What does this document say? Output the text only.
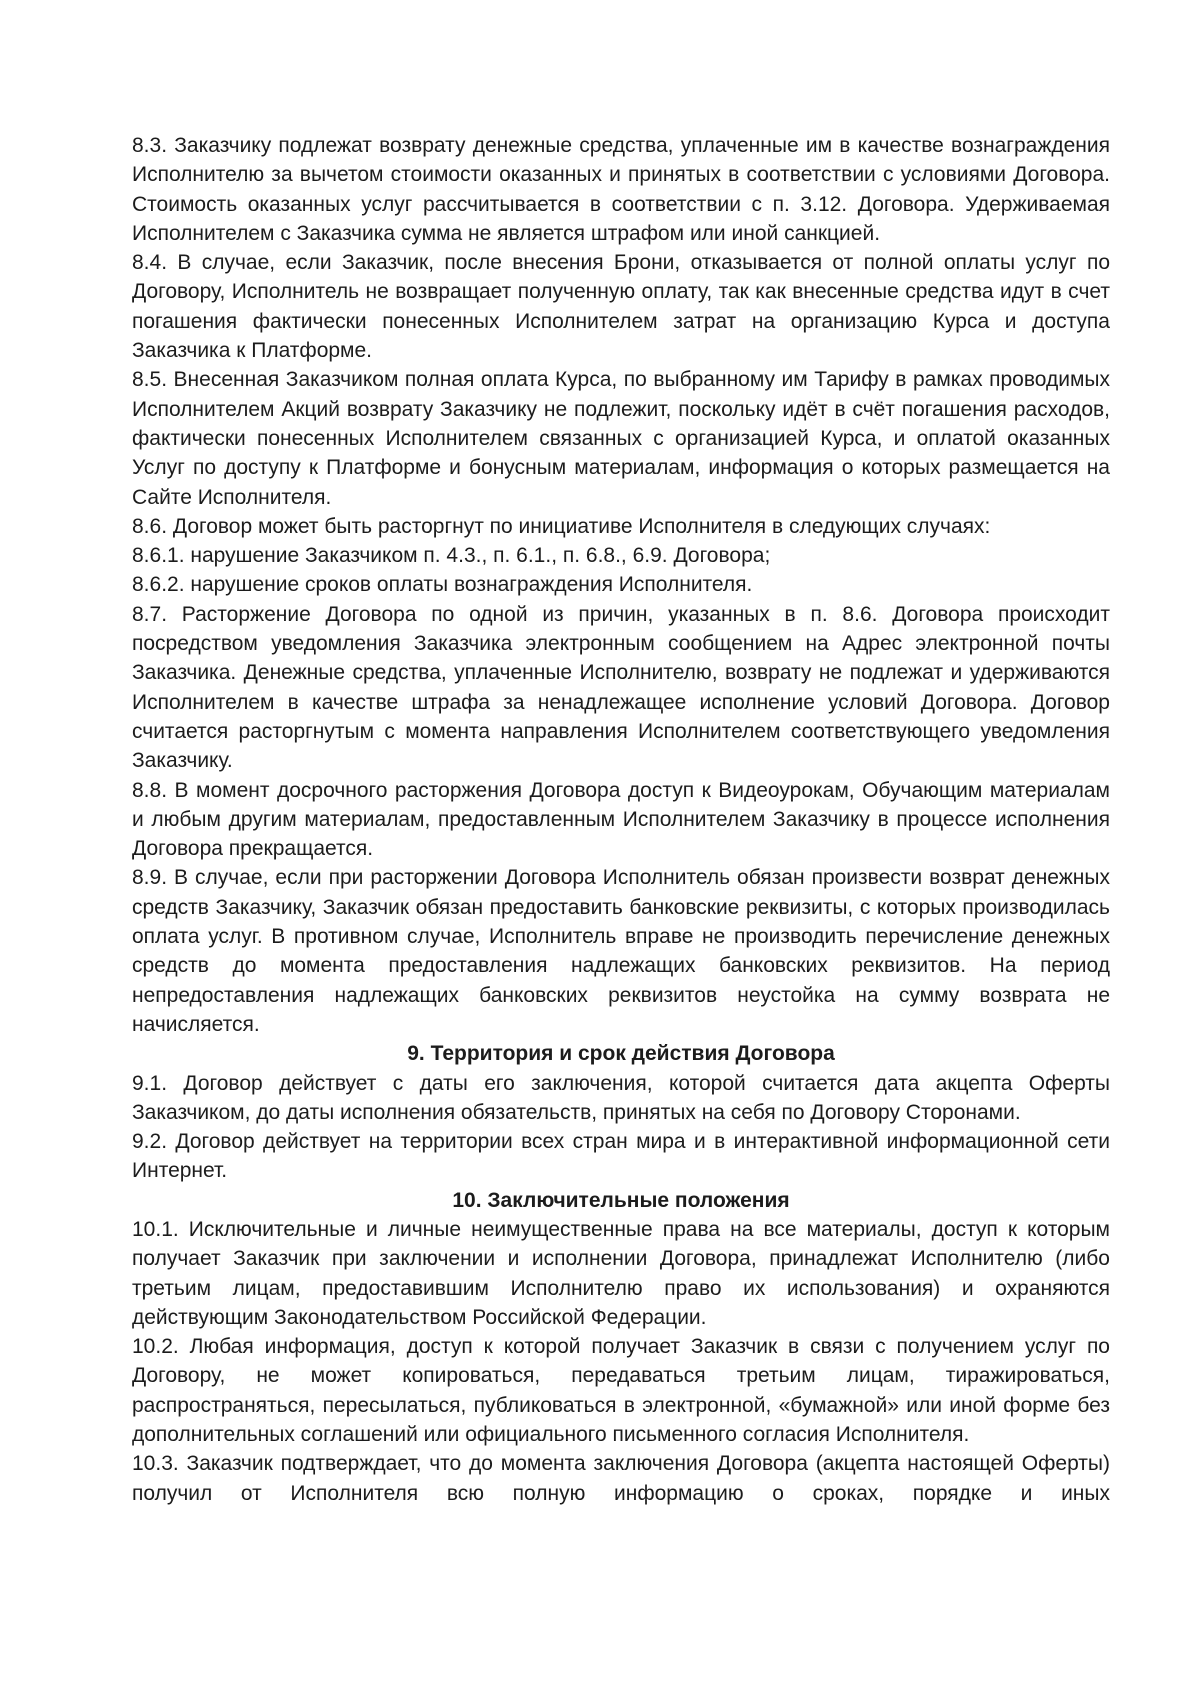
8.3. Заказчику подлежат возврату денежные средства, уплаченные им в качестве вознаграждения Исполнителю за вычетом стоимости оказанных и принятых в соответствии с условиями Договора. Стоимость оказанных услуг рассчитывается в соответствии с п. 3.12. Договора. Удерживаемая Исполнителем с Заказчика сумма не является штрафом или иной санкцией.

8.4. В случае, если Заказчик, после внесения Брони, отказывается от полной оплаты услуг по Договору, Исполнитель не возвращает полученную оплату, так как внесенные средства идут в счет погашения фактически понесенных Исполнителем затрат на организацию Курса и доступа Заказчика к Платформе.

8.5. Внесенная Заказчиком полная оплата Курса, по выбранному им Тарифу в рамках проводимых Исполнителем Акций возврату Заказчику не подлежит, поскольку идёт в счёт погашения расходов, фактически понесенных Исполнителем связанных с организацией Курса, и оплатой оказанных Услуг по доступу к Платформе и бонусным материалам, информация о которых размещается на Сайте Исполнителя.

8.6. Договор может быть расторгнут по инициативе Исполнителя в следующих случаях:

8.6.1. нарушение Заказчиком п. 4.3., п. 6.1., п. 6.8., 6.9. Договора;

8.6.2. нарушение сроков оплаты вознаграждения Исполнителя.

8.7. Расторжение Договора по одной из причин, указанных в п. 8.6. Договора происходит посредством уведомления Заказчика электронным сообщением на Адрес электронной почты Заказчика. Денежные средства, уплаченные Исполнителю, возврату не подлежат и удерживаются Исполнителем в качестве штрафа за ненадлежащее исполнение условий Договора. Договор считается расторгнутым с момента направления Исполнителем соответствующего уведомления Заказчику.

8.8. В момент досрочного расторжения Договора доступ к Видеоурокам, Обучающим материалам и любым другим материалам, предоставленным Исполнителем Заказчику в процессе исполнения Договора прекращается.

8.9. В случае, если при расторжении Договора Исполнитель обязан произвести возврат денежных средств Заказчику, Заказчик обязан предоставить банковские реквизиты, с которых производилась оплата услуг. В противном случае, Исполнитель вправе не производить перечисление денежных средств до момента предоставления надлежащих банковских реквизитов. На период непредоставления надлежащих банковских реквизитов неустойка на сумму возврата не начисляется.

9. Территория и срок действия Договора

9.1. Договор действует с даты его заключения, которой считается дата акцепта Оферты Заказчиком, до даты исполнения обязательств, принятых на себя по Договору Сторонами.

9.2. Договор действует на территории всех стран мира и в интерактивной информационной сети Интернет.

10. Заключительные положения

10.1. Исключительные и личные неимущественные права на все материалы, доступ к которым получает Заказчик при заключении и исполнении Договора, принадлежат Исполнителю (либо третьим лицам, предоставившим Исполнителю право их использования) и охраняются действующим Законодательством Российской Федерации.

10.2. Любая информация, доступ к которой получает Заказчик в связи с получением услуг по Договору, не может копироваться, передаваться третьим лицам, тиражироваться, распространяться, пересылаться, публиковаться в электронной, «бумажной» или иной форме без дополнительных соглашений или официального письменного согласия Исполнителя.

10.3. Заказчик подтверждает, что до момента заключения Договора (акцепта настоящей Оферты) получил от Исполнителя всю полную информацию о сроках, порядке и иных
